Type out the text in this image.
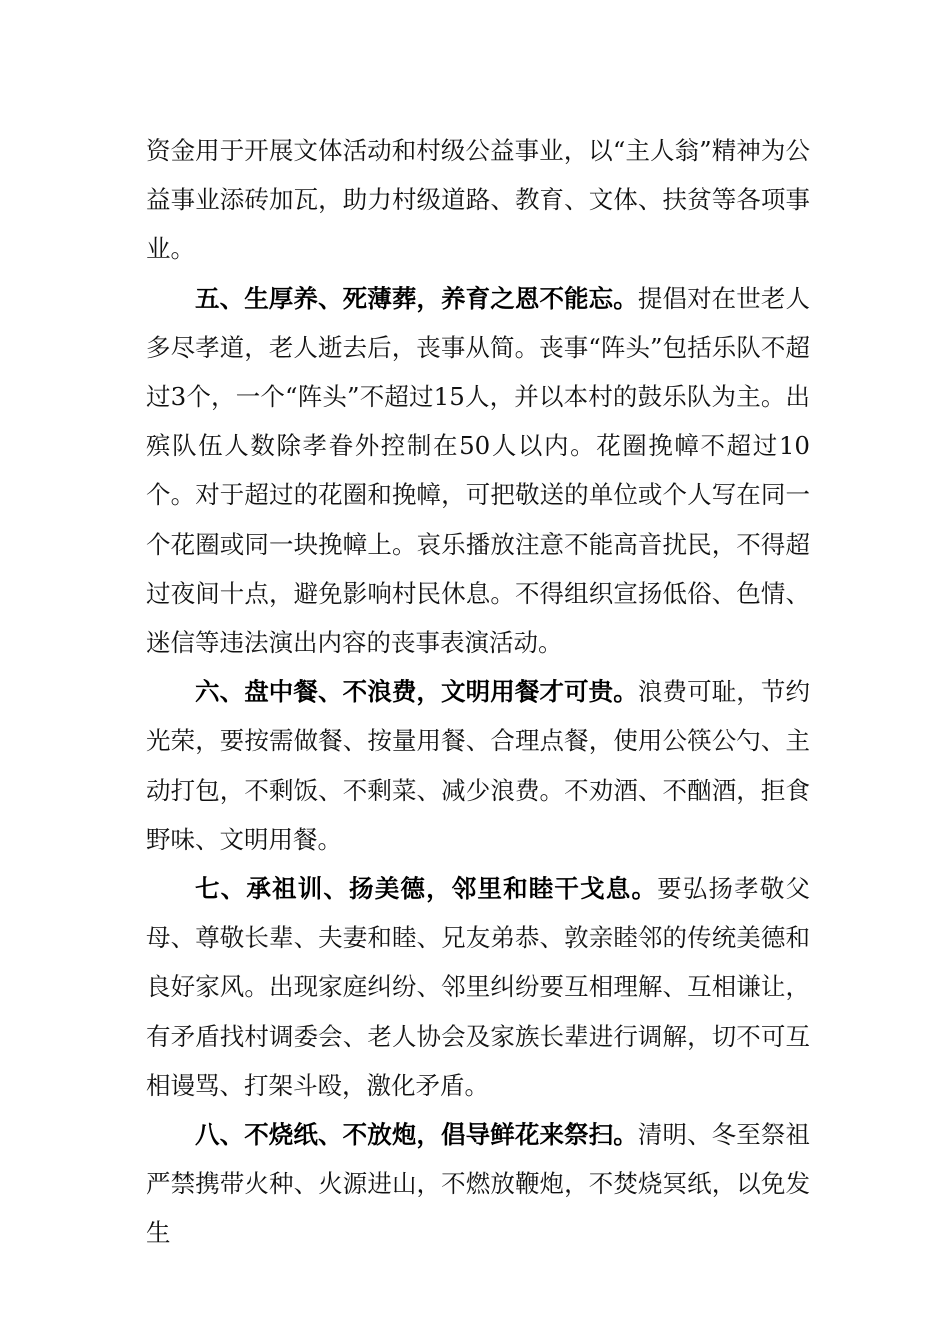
资金用于开展文体活动和村级公益事业，以“主人翁”精神为公益事业添砖加瓦，助力村级道路、教育、文体、扶贫等各项事业。

五、生厚养、死薄葬，养育之恩不能忘。提倡对在世老人多尽孝道，老人逝去后，丧事从简。丧事“阵头”包括乐队不超过3个，一个“阵头”不超过15人，并以本村的鼓乐队为主。出殡队伍人数除孝眷外控制在50人以内。花圈挽幛不超过10个。对于超过的花圈和挽幛，可把敬送的单位或个人写在同一个花圈或同一块挽幛上。哀乐播放注意不能高音扰民，不得超过夜间十点，避免影响村民休息。不得组织宣扬低俗、色情、迷信等违法演出内容的丧事表演活动。

六、盘中餐、不浪费，文明用餐才可贵。浪费可耻，节约光荣，要按需做餐、按量用餐、合理点餐，使用公筷公勺、主动打包，不剩饭、不剩菜、减少浪费。不劝酒、不酗酒，拒食野味、文明用餐。

七、承祖训、扬美德，邻里和睦干戈息。要弘扬孝敬父母、尊敬长辈、夫妻和睦、兄友弟恭、敦亲睦邻的传统美德和良好家风。出现家庭纠纷、邻里纠纷要互相理解、互相谦让，有矛盾找村调委会、老人协会及家族长辈进行调解，切不可互相谩骂、打架斗殴，激化矛盾。

八、不烧纸、不放炮，倡导鲜花来祭扫。清明、冬至祭祖严禁携带火种、火源进山，不燃放鞭炮，不焚烧冥纸，以免发生
